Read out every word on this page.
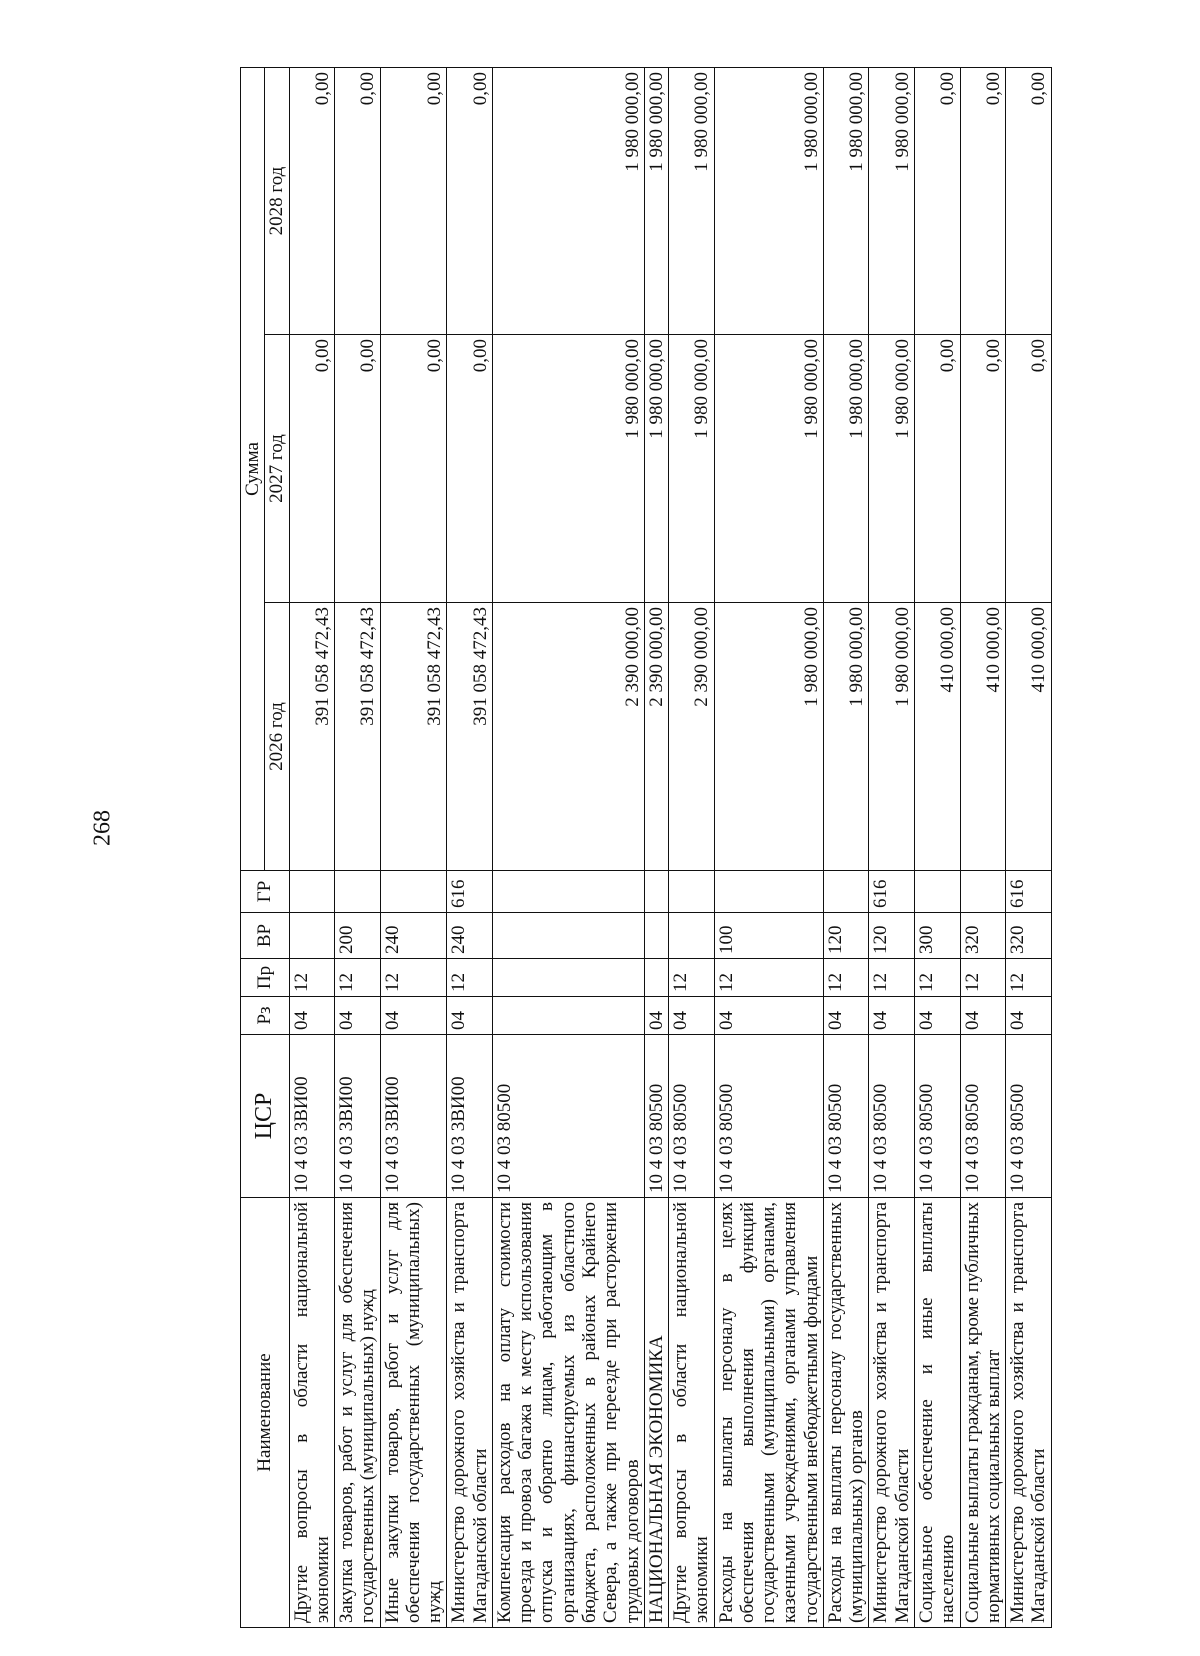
268
Наименование	ЦСР	Рз	Пр	ВР	ГР	Сумма		
						2026 год	2027 год	2028 год
Другие вопросы в области национальной экономики	10 4 03 3ВИ00	04	12			391 058 472,43	0,00	0,00
Закупка товаров, работ и услуг для обеспечения государственных (муниципальных) нужд	10 4 03 3ВИ00	04	12	200		391 058 472,43	0,00	0,00
Иные закупки товаров, работ и услуг для обеспечения государственных (муниципальных) нужд	10 4 03 3ВИ00	04	12	240		391 058 472,43	0,00	0,00
Министерство дорожного хозяйства и транспорта Магаданской области	10 4 03 3ВИ00	04	12	240	616	391 058 472,43	0,00	0,00
Компенсация расходов на оплату стоимости проезда и провоза багажа к месту использования отпуска и обратно лицам, работающим в организациях, финансируемых из областного бюджета, расположенных в районах Крайнего Севера, а также при переезде при расторжении трудовых договоров	10 4 03 80500					2 390 000,00	1 980 000,00	1 980 000,00
НАЦИОНАЛЬНАЯ ЭКОНОМИКА	10 4 03 80500	04				2 390 000,00	1 980 000,00	1 980 000,00
Другие вопросы в области национальной экономики	10 4 03 80500	04	12			2 390 000,00	1 980 000,00	1 980 000,00
Расходы на выплаты персоналу в целях обеспечения выполнения функций государственными (муниципальными) органами, казенными учреждениями, органами управления государственными внебюджетными фондами	10 4 03 80500	04	12	100		1 980 000,00	1 980 000,00	1 980 000,00
Расходы на выплаты персоналу государственных (муниципальных) органов	10 4 03 80500	04	12	120		1 980 000,00	1 980 000,00	1 980 000,00
Министерство дорожного хозяйства и транспорта Магаданской области	10 4 03 80500	04	12	120	616	1 980 000,00	1 980 000,00	1 980 000,00
Социальное обеспечение и иные выплаты населению	10 4 03 80500	04	12	300		410 000,00	0,00	0,00
Социальные выплаты гражданам, кроме публичных нормативных социальных выплат	10 4 03 80500	04	12	320		410 000,00	0,00	0,00
Министерство дорожного хозяйства и транспорта Магаданской области	10 4 03 80500	04	12	320	616	410 000,00	0,00	0,00
